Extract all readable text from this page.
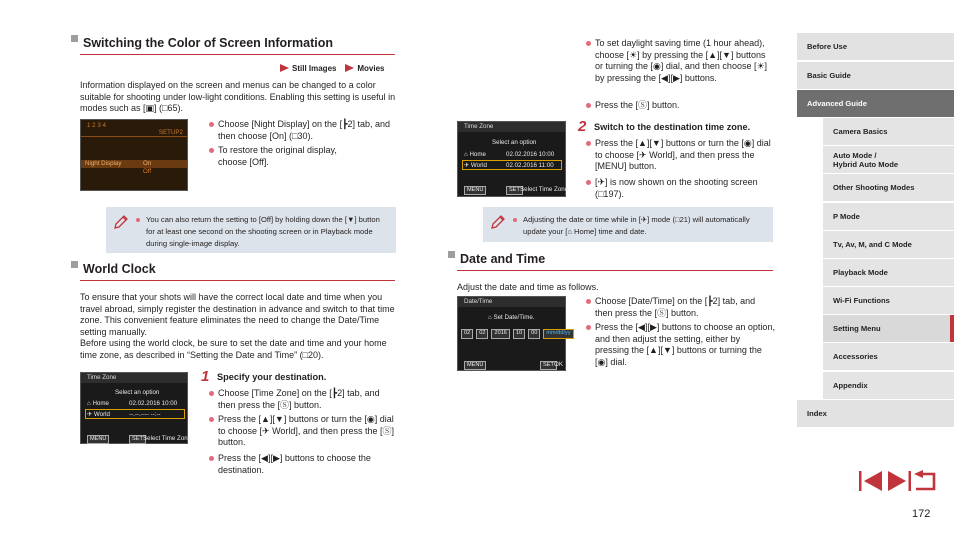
Switching the Color of Screen Information
Still Images	Movies
Information displayed on the screen and menus can be changed to a color suitable for shooting under low-light conditions. Enabling this setting is useful in modes such as [▣] (□65).
1 2 3 4
SETUP2
Night Display	On
Off
Choose [Night Display] on the [┣2] tab, and then choose [On] (□30).
To restore the original display, choose [Off].
You can also return the setting to [Off] by holding down the [▼] button for at least one second on the shooting screen or in Playback mode during single-image display.
World Clock
To ensure that your shots will have the correct local date and time when you travel abroad, simply register the destination in advance and switch to that time zone. This convenient feature eliminates the need to change the Date/Time setting manually.
Before using the world clock, be sure to set the date and time and your home time zone, as described in “Setting the Date and Time” (□20).
Time Zone
Select an option
⌂ Home	02.02.2016 10:00
✈ World	--.--.---- --:--
MENU	SET Select Time Zone
1 Specify your destination.
Choose [Time Zone] on the [┣2] tab, and then press the [Ⓢ] button.
Press the [▲][▼] buttons or turn the [◉] dial to choose [✈ World], and then press the [Ⓢ] button.
Press the [◀][▶] buttons to choose the destination.
To set daylight saving time (1 hour ahead), choose [☀] by pressing the [▲][▼] buttons or turning the [◉] dial, and then choose [☀] by pressing the [◀][▶] buttons.
Press the [Ⓢ] button.
Time Zone
Select an option
⌂ Home	02.02.2016 10:00
✈ World	02.02.2016 11:00
MENU	SET Select Time Zone
2 Switch to the destination time zone.
Press the [▲][▼] buttons or turn the [◉] dial to choose [✈ World], and then press the [MENU] button.
[✈] is now shown on the shooting screen (□197).
Adjusting the date or time while in [✈] mode (□21) will automatically update your [⌂ Home] time and date.
Date and Time
Adjust the date and time as follows.
Date/Time
⌂ Set Date/Time.
02	02	2016	10	00	mm/dd/yy
MENU	SET OK
Choose [Date/Time] on the [┣2] tab, and then press the [Ⓢ] button.
Press the [◀][▶] buttons to choose an option, and then adjust the setting, either by pressing the [▲][▼] buttons or turning the [◉] dial.
Before Use
Basic Guide
Advanced Guide
Camera Basics
Auto Mode /
Hybrid Auto Mode
Other Shooting Modes
P Mode
Tv, Av, M, and C Mode
Playback Mode
Wi-Fi Functions
Setting Menu
Accessories
Appendix
Index
172
